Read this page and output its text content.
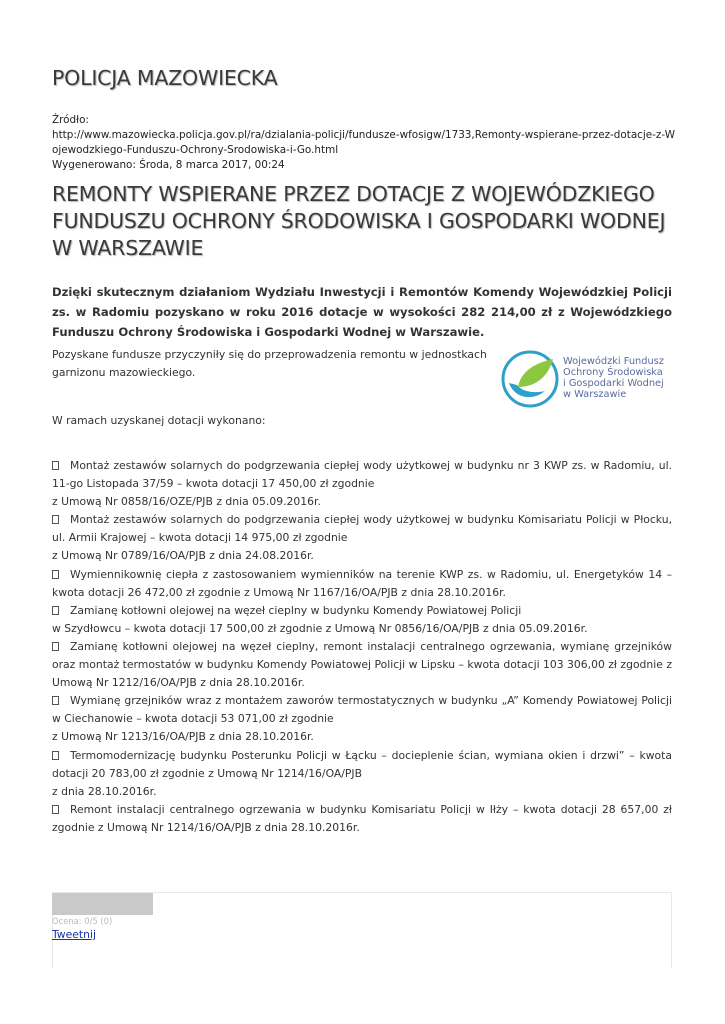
POLICJA MAZOWIECKA
Źródło:
http://www.mazowiecka.policja.gov.pl/ra/dzialania-policji/fundusze-wfosigw/1733,Remonty-wspierane-przez-dotacje-z-Wojewodzkiego-Funduszu-Ochrony-Srodowiska-i-Go.html
Wygenerowano: Środa, 8 marca 2017, 00:24
REMONTY WSPIERANE PRZEZ DOTACJE Z WOJEWÓDZKIEGO FUNDUSZU OCHRONY ŚRODOWISKA I GOSPODARKI WODNEJ W WARSZAWIE
Dzięki skutecznym działaniom Wydziału Inwestycji i Remontów Komendy Wojewódzkiej Policji zs. w Radomiu pozyskano w roku 2016 dotacje w wysokości 282 214,00 zł z Wojewódzkiego Funduszu Ochrony Środowiska i Gospodarki Wodnej w Warszawie.
Pozyskane fundusze przyczyniły się do przeprowadzenia remontu w jednostkach garnizonu mazowieckiego.
Wojewódzki Fundusz
Ochrony Środowiska
i Gospodarki Wodnej
w Warszawie
W ramach uzyskanej dotacji wykonano:

Montaż zestawów solarnych do podgrzewania ciepłej wody użytkowej w budynku nr 3 KWP zs. w Radomiu, ul. 11-go Listopada 37/59 – kwota dotacji 17 450,00 zł zgodnie
z Umową Nr 0858/16/OZE/PJB z dnia 05.09.2016r.

Montaż zestawów solarnych do podgrzewania ciepłej wody użytkowej w budynku Komisariatu Policji w Płocku, ul. Armii Krajowej – kwota dotacji 14 975,00 zł zgodnie
z Umową Nr 0789/16/OA/PJB z dnia 24.08.2016r.

Wymiennikownię ciepła z zastosowaniem wymienników na terenie KWP zs. w Radomiu, ul. Energetyków 14 – kwota dotacji 26 472,00 zł zgodnie z Umową Nr 1167/16/OA/PJB z dnia 28.10.2016r.

Zamianę kotłowni olejowej na węzeł cieplny w budynku Komendy Powiatowej Policji
w Szydłowcu – kwota dotacji 17 500,00 zł zgodnie z Umową Nr 0856/16/OA/PJB z dnia 05.09.2016r.

Zamianę kotłowni olejowej na węzeł cieplny, remont instalacji centralnego ogrzewania, wymianę grzejników oraz montaż termostatów w budynku Komendy Powiatowej Policji w Lipsku – kwota dotacji 103 306,00 zł zgodnie z Umową Nr 1212/16/OA/PJB z dnia 28.10.2016r.

Wymianę grzejników wraz z montażem zaworów termostatycznych w budynku „A” Komendy Powiatowej Policji w Ciechanowie – kwota dotacji 53 071,00 zł zgodnie
z Umową Nr 1213/16/OA/PJB z dnia 28.10.2016r.

Termomodernizację budynku Posterunku Policji w Łącku – docieplenie ścian, wymiana okien i drzwi” – kwota dotacji 20 783,00 zł zgodnie z Umową Nr 1214/16/OA/PJB
z dnia 28.10.2016r.

Remont instalacji centralnego ogrzewania w budynku Komisariatu Policji w Iłży – kwota dotacji 28 657,00 zł zgodnie z Umową Nr 1214/16/OA/PJB z dnia 28.10.2016r.

Ocena: 0/5 (0)
Tweetnij
